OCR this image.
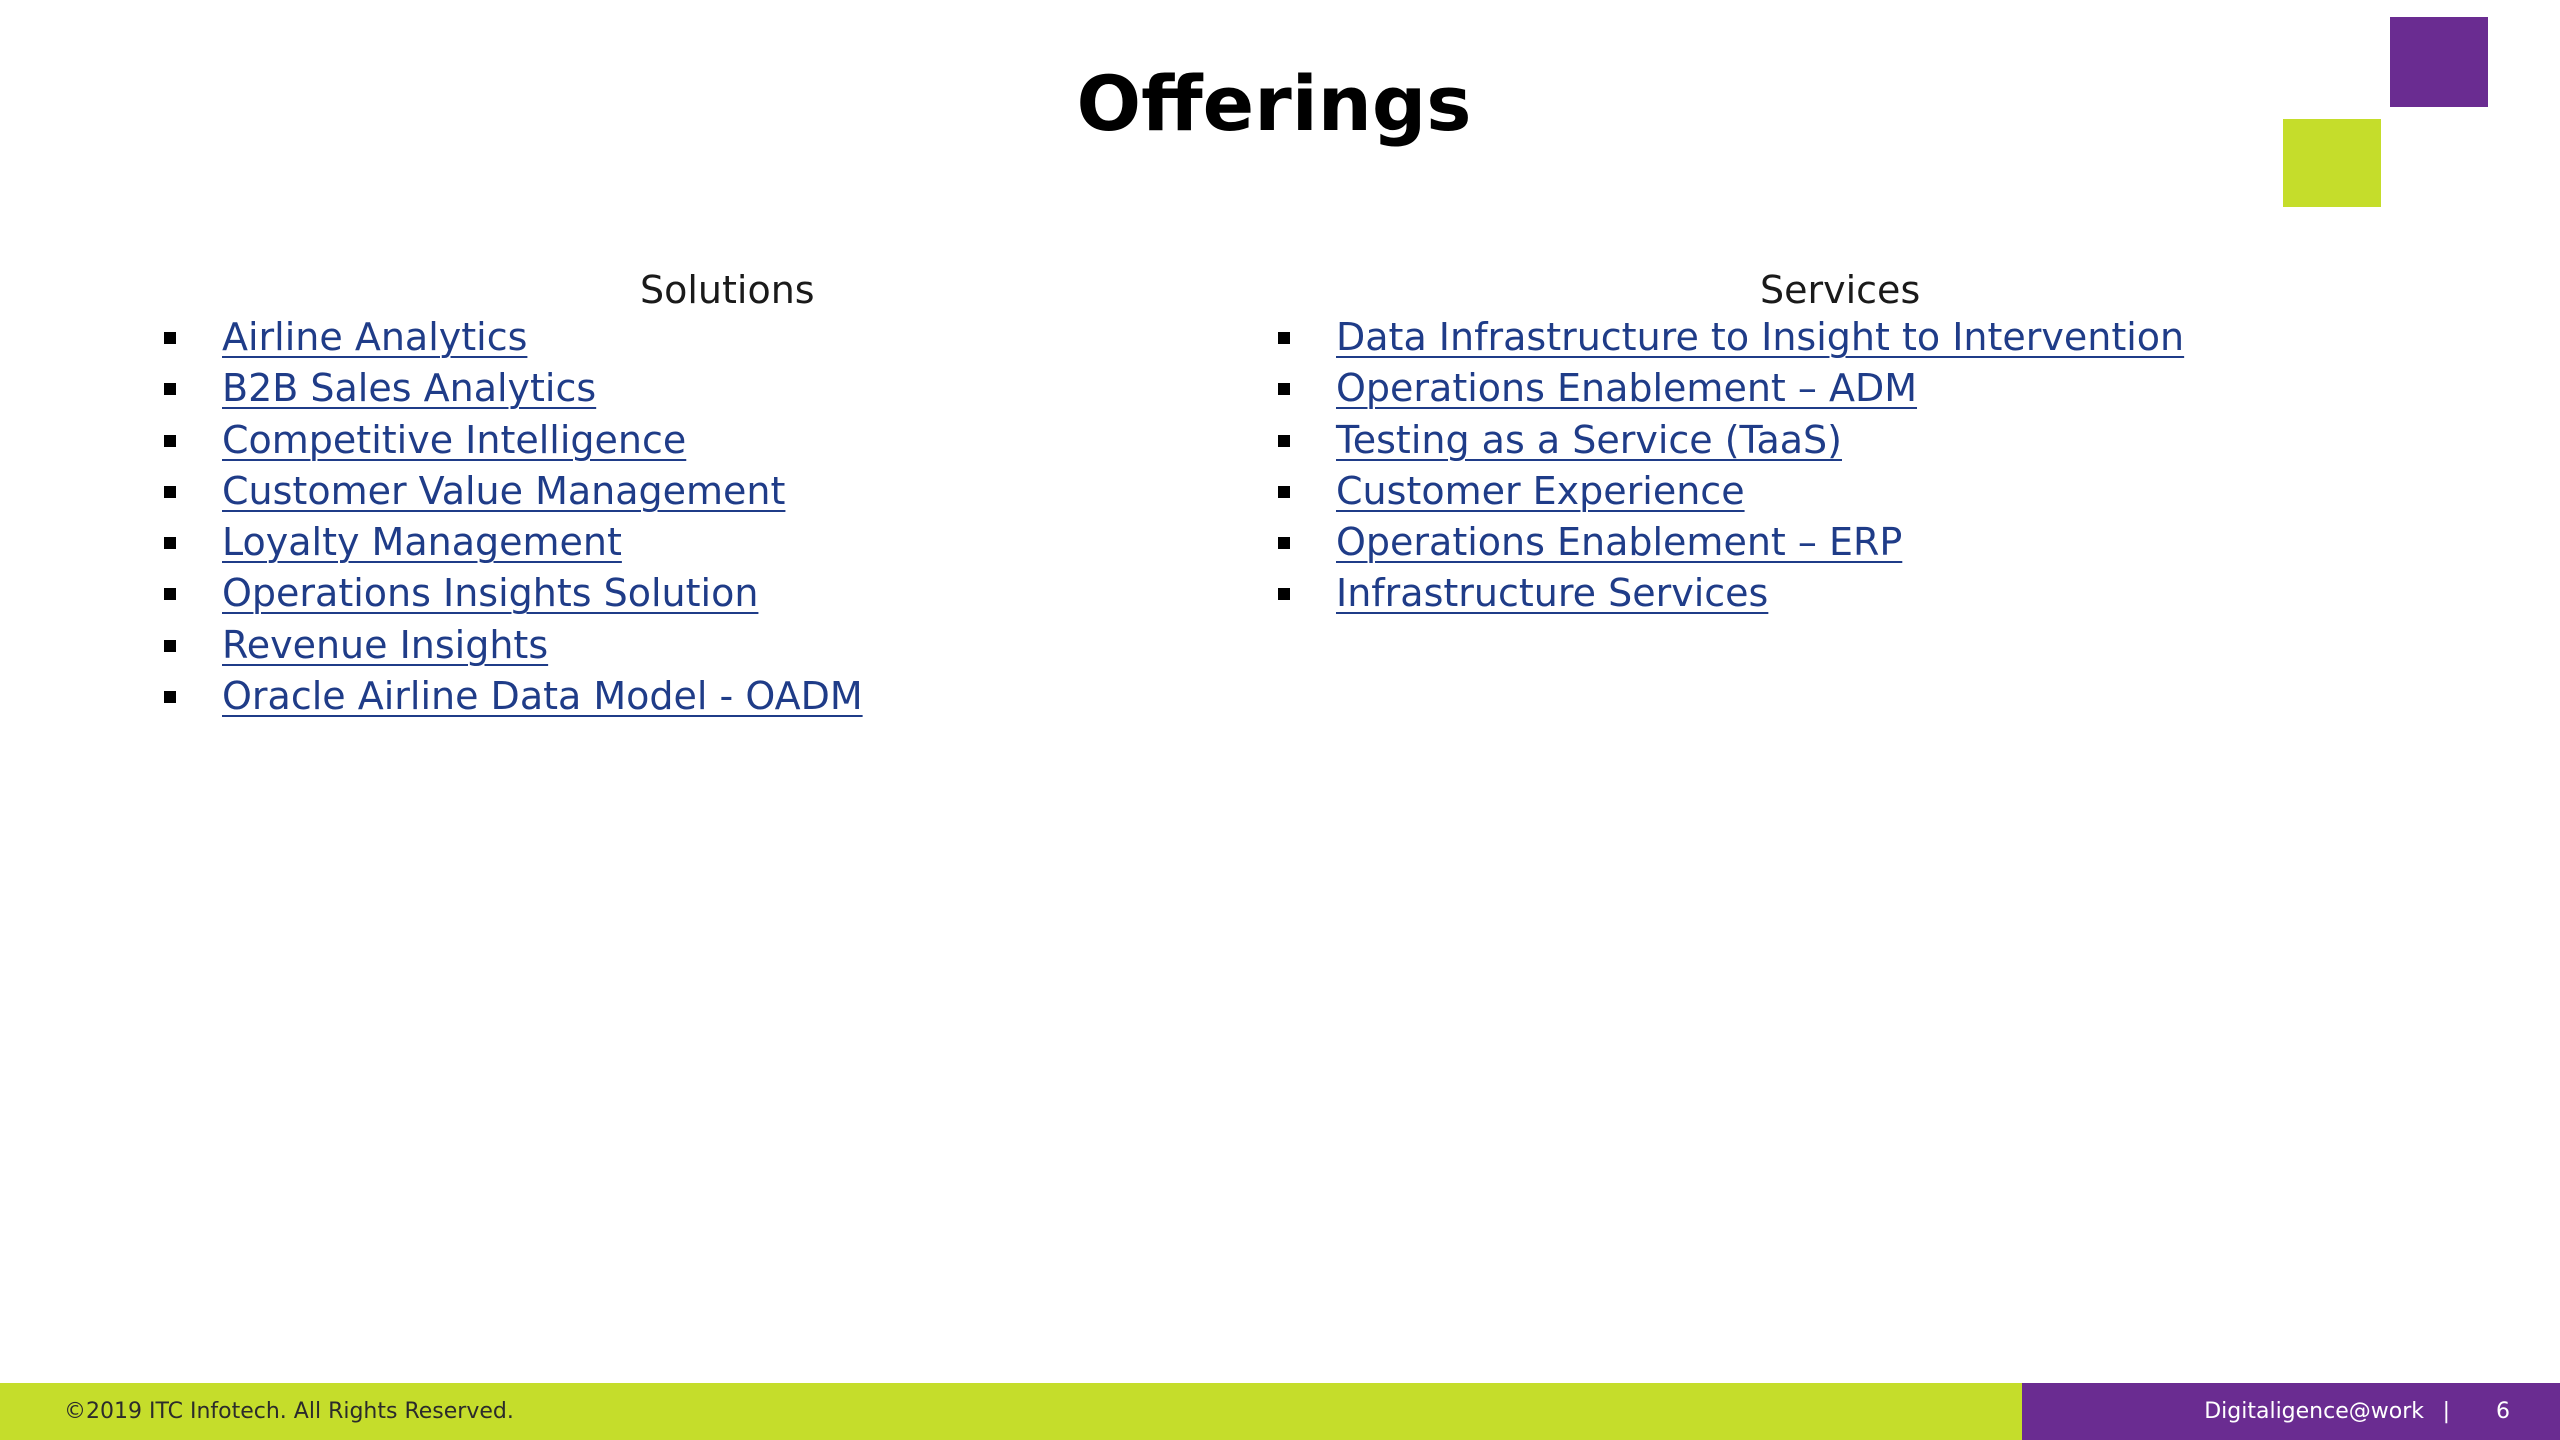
Offerings
Solutions
Airline Analytics
B2B Sales Analytics
Competitive Intelligence
Customer Value Management
Loyalty Management
Operations Insights Solution
Revenue Insights
Oracle Airline Data Model - OADM
Services
Data Infrastructure to Insight to Intervention
Operations Enablement – ADM
Testing as a Service (TaaS)
Customer Experience
Operations Enablement – ERP
Infrastructure Services
©2019 ITC Infotech. All Rights Reserved.	Digitaligence@work | 6
